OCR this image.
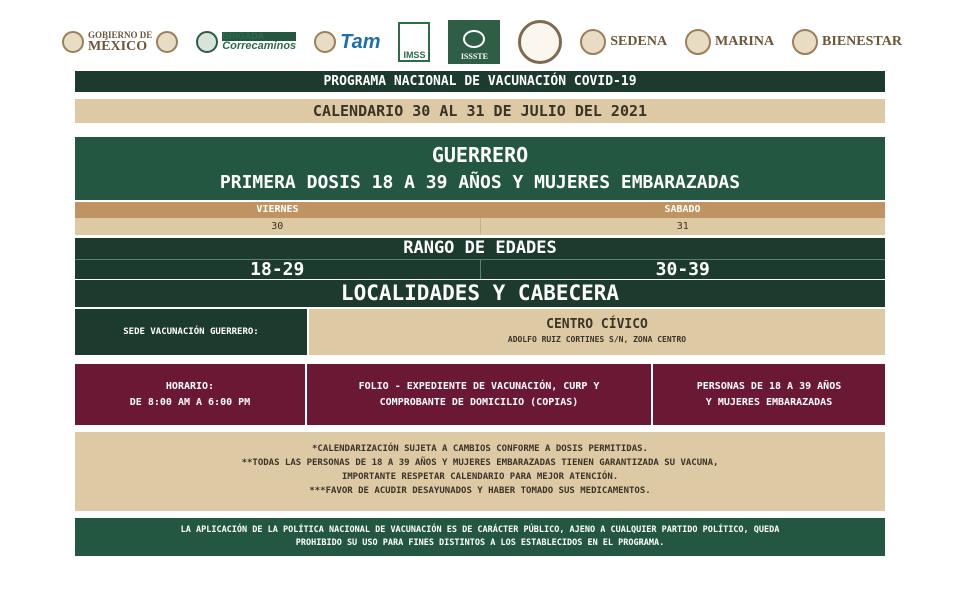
GOBIERNO DE
MÉXICO
BRIGADA
Correcaminos Tam
IMSS	ISSSTE
SEDENA	MARINA	BIENESTAR
PROGRAMA NACIONAL DE VACUNACIÓN COVID-19
CALENDARIO 30 AL 31 DE JULIO DEL 2021
GUERRERO
PRIMERA DOSIS 18 A 39 AÑOS Y MUJERES EMBARAZADAS
VIERNES	SABADO
30	31
RANGO DE EDADES
18-29	30-39
LOCALIDADES Y CABECERA
SEDE VACUNACIÓN GUERRERO:	CENTRO CÍVICO
ADOLFO RUIZ CORTINES S/N, ZONA CENTRO
HORARIO:
DE 8:00 AM A 6:00 PM
FOLIO - EXPEDIENTE DE VACUNACIÓN, CURP Y
COMPROBANTE DE DOMICILIO (COPIAS)
PERSONAS DE 18 A 39 AÑOS
Y MUJERES EMBARAZADAS
*CALENDARIZACIÓN SUJETA A CAMBIOS CONFORME A DOSIS PERMITIDAS.
**TODAS LAS PERSONAS DE 18 A 39 AÑOS Y MUJERES EMBARAZADAS TIENEN GARANTIZADA SU VACUNA,
IMPORTANTE RESPETAR CALENDARIO PARA MEJOR ATENCIÓN.
***FAVOR DE ACUDIR DESAYUNADOS Y HABER TOMADO SUS MEDICAMENTOS.
LA APLICACIÓN DE LA POLÍTICA NACIONAL DE VACUNACIÓN ES DE CARÁCTER PÚBLICO, AJENO A CUALQUIER PARTIDO POLÍTICO, QUEDA
PROHIBIDO SU USO PARA FINES DISTINTOS A LOS ESTABLECIDOS EN EL PROGRAMA.
